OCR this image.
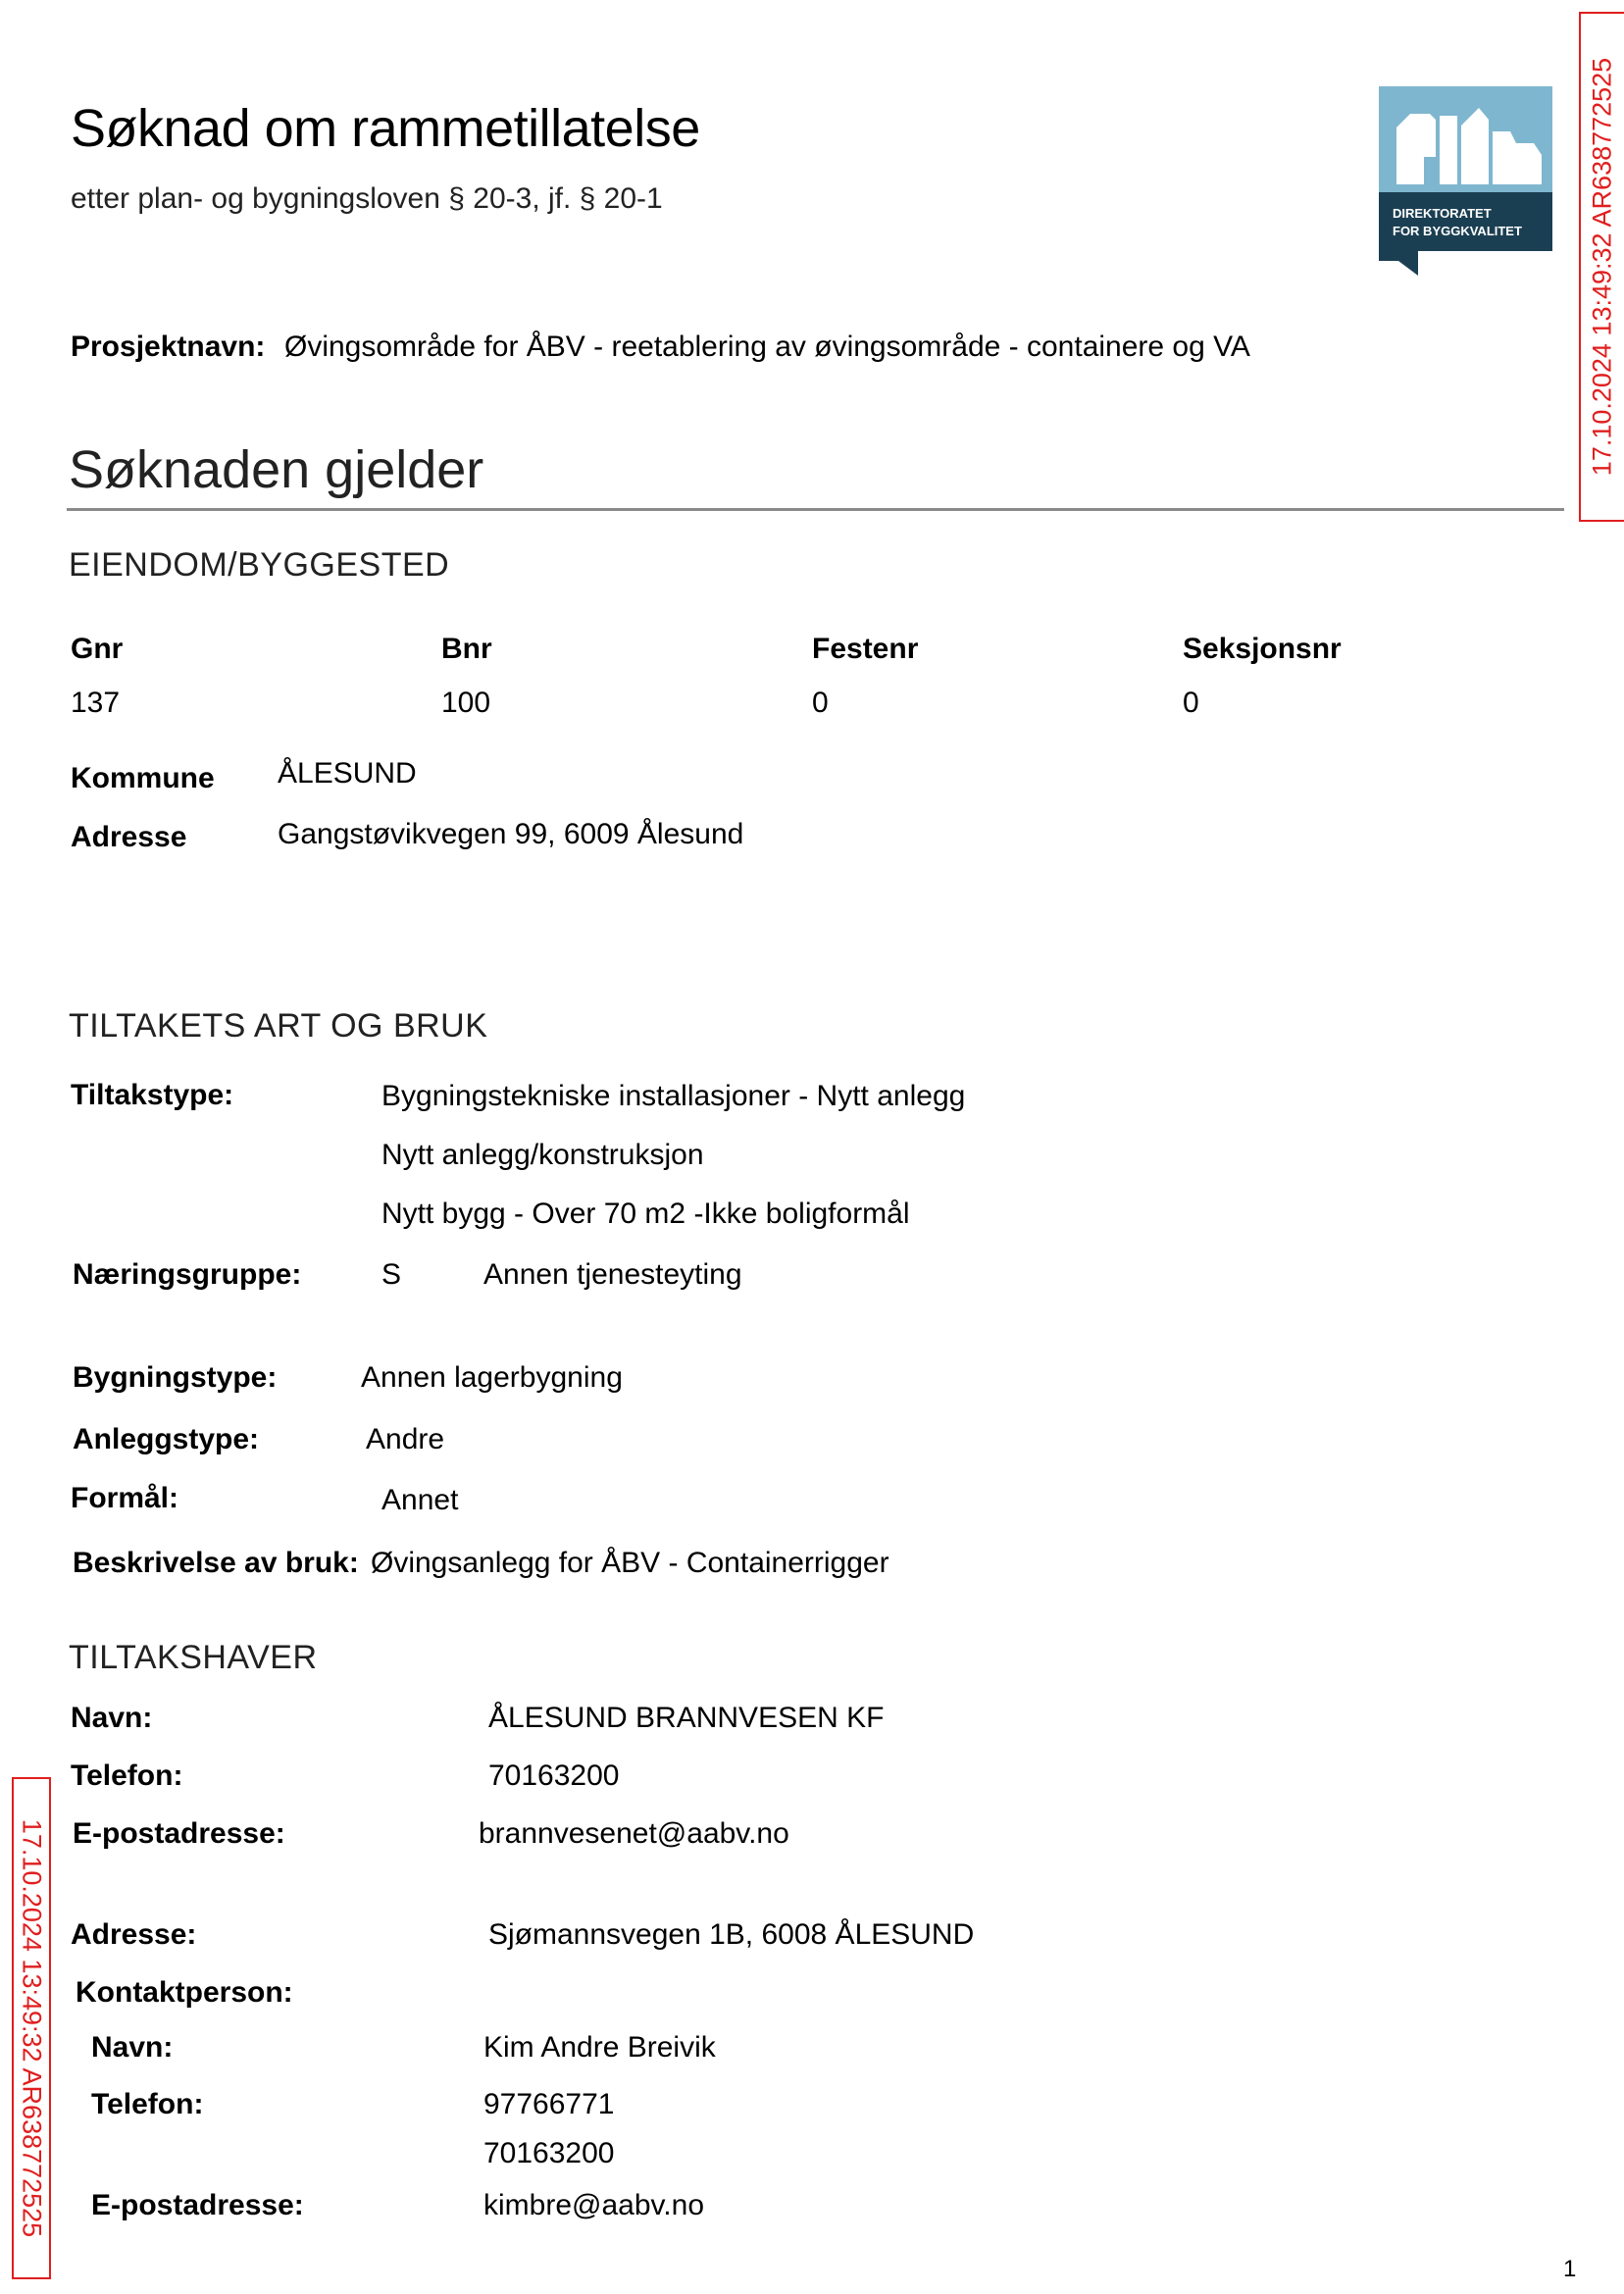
Søknad om rammetillatelse
etter plan- og bygningsloven § 20-3, jf. § 20-1	DIREKTORATET
FOR BYGGKVALITET 17.10.2024 13:49:32 AR638772525
17.10.2024 13:49:32 AR638772525
Prosjektnavn: Øvingsområde for ÅBV - reetablering av øvingsområde - containere og VA
Søknaden gjelder
EIENDOM/BYGGESTED
Gnr	Bnr	Festenr	Seksjonsnr
137	100	0	0
Kommune ÅLESUND
Adresse	Gangstøvikvegen 99, 6009 Ålesund
TILTAKETS ART OG BRUK
Tiltakstype:	Bygningstekniske installasjoner - Nytt anlegg
Nytt anlegg/konstruksjon
Nytt bygg - Over 70 m2 -Ikke boligformål
Næringsgruppe:	S	Annen tjenesteyting
Bygningstype:	Annen lagerbygning
Anleggstype:	Andre
Formål:	Annet
Beskrivelse av bruk: Øvingsanlegg for ÅBV - Containerrigger
TILTAKSHAVER
Navn:	ÅLESUND BRANNVESEN KF
Telefon:	70163200
E-postadresse:	brannvesenet@aabv.no
Adresse:	Sjømannsvegen 1B, 6008 ÅLESUND
Kontaktperson:
Navn:	Kim Andre Breivik
Telefon:	97766771
70163200
E-postadresse:	kimbre@aabv.no
1
